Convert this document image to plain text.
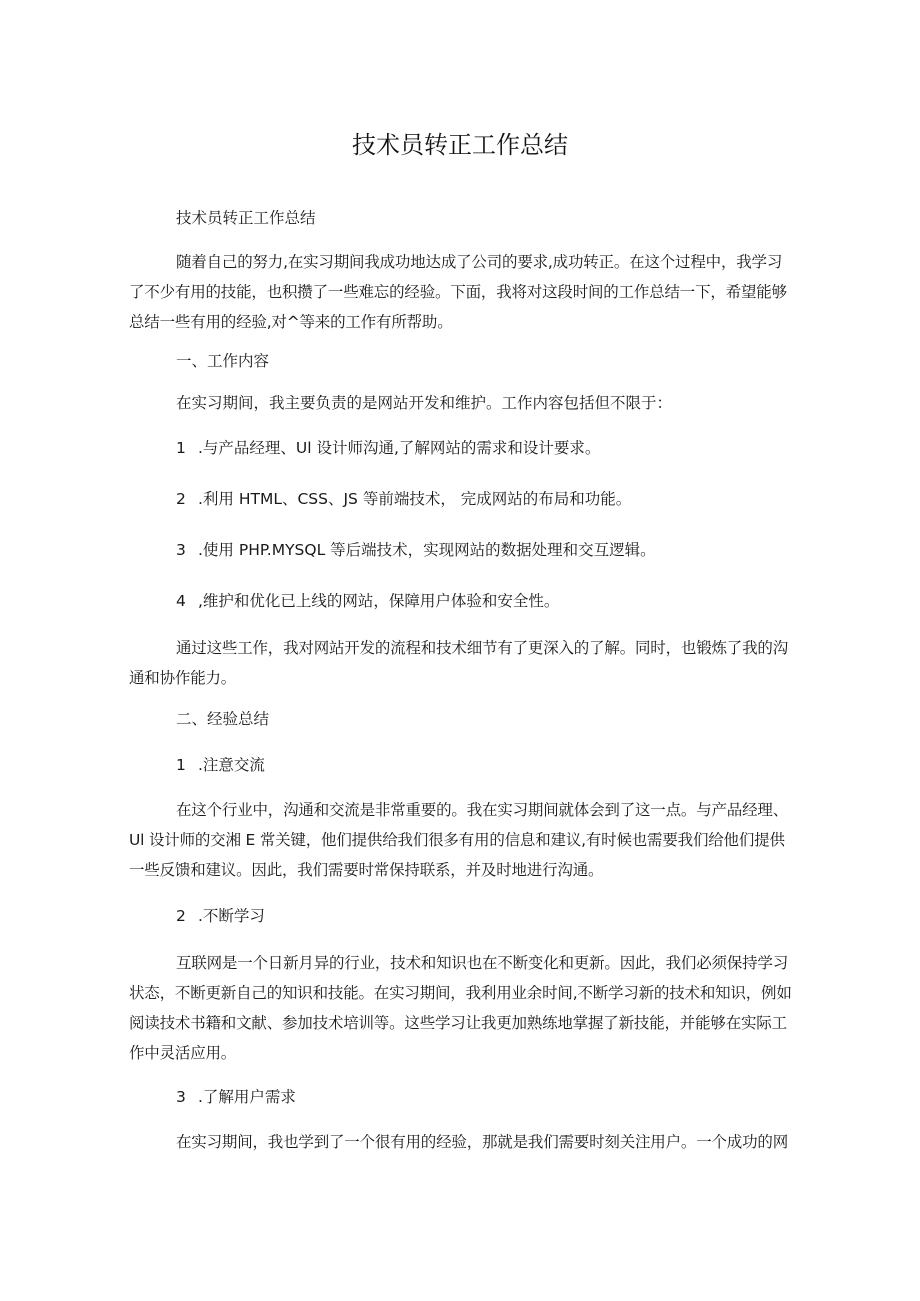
技术员转正工作总结
技术员转正工作总结
随着自己的努力,在实习期间我成功地达成了公司的要求,成功转正。在这个过程中，我学习了不少有用的技能，也积攒了一些难忘的经验。下面，我将对这段时间的工作总结一下，希望能够总结一些有用的经验,对^等来的工作有所帮助。
一、工作内容
在实习期间，我主要负责的是网站开发和维护。工作内容包括但不限于：
1 .与产品经理、Ul 设计师沟通,了解网站的需求和设计要求。
2 .利用 HTML、CSS、JS 等前端技术， 完成网站的布局和功能。
3 .使用 PHP.MYSQL 等后端技术，实现网站的数据处理和交互逻辑。
4 ,维护和优化已上线的网站，保障用户体验和安全性。
通过这些工作，我对网站开发的流程和技术细节有了更深入的了解。同时，也锻炼了我的沟通和协作能力。
二、经验总结
1 .注意交流
在这个行业中，沟通和交流是非常重要的。我在实习期间就体会到了这一点。与产品经理、Ul 设计师的交湘 E 常关键，他们提供给我们很多有用的信息和建议,有时候也需要我们给他们提供一些反馈和建议。因此，我们需要时常保持联系，并及时地进行沟通。
2 .不断学习
互联网是一个日新月异的行业，技术和知识也在不断变化和更新。因此，我们必须保持学习状态，不断更新自己的知识和技能。在实习期间，我利用业余时间,不断学习新的技术和知识，例如阅读技术书籍和文献、参加技术培训等。这些学习让我更加熟练地掌握了新技能，并能够在实际工作中灵活应用。
3 .了解用户需求
在实习期间，我也学到了一个很有用的经验，那就是我们需要时刻关注用户。一个成功的网
